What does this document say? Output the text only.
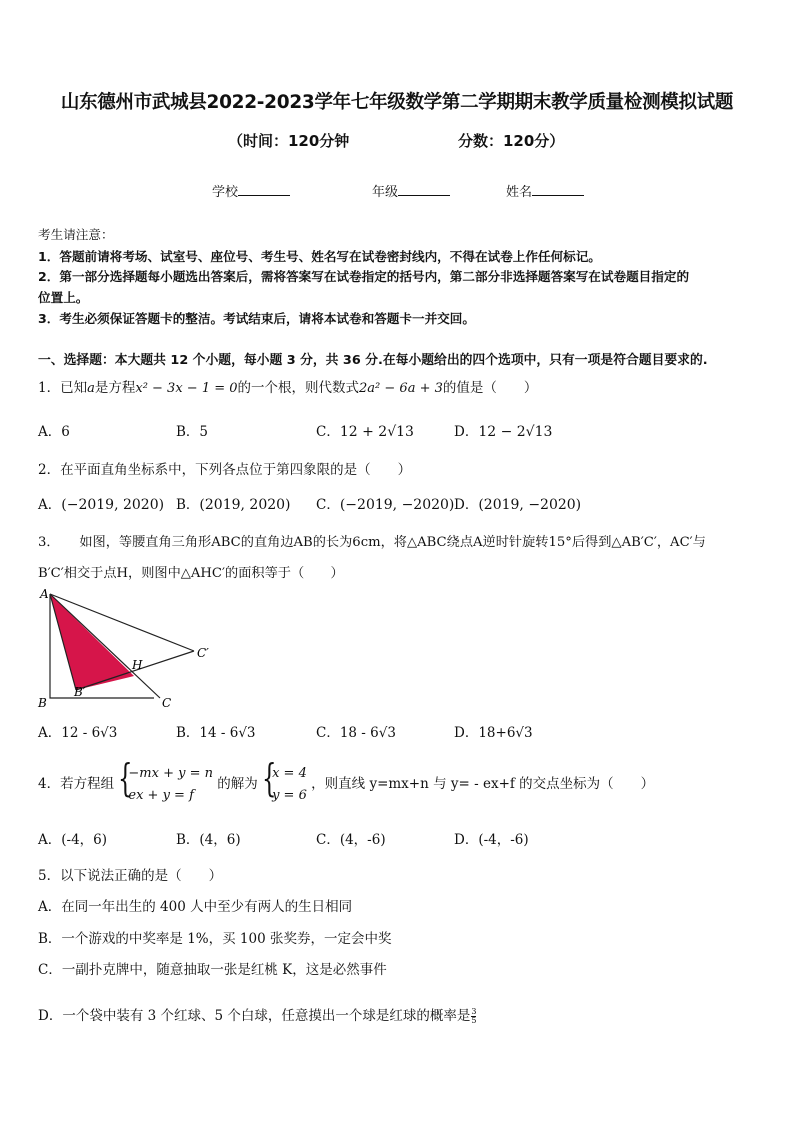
山东德州市武城县2022-2023学年七年级数学第二学期期末教学质量检测模拟试题
（时间：120分钟	分数：120分）
学校	年级	姓名
考生请注意：
1．答题前请将考场、试室号、座位号、考生号、姓名写在试卷密封线内，不得在试卷上作任何标记。
2．第一部分选择题每小题选出答案后，需将答案写在试卷指定的括号内，第二部分非选择题答案写在试卷题目指定的
位置上。
3．考生必须保证答题卡的整洁。考试结束后，请将本试卷和答题卡一并交回。
一、选择题：本大题共 12 个小题，每小题 3 分，共 36 分.在每小题给出的四个选项中，只有一项是符合题目要求的.
1．已知a是方程x² − 3x − 1 = 0的一个根，则代数式2a² − 6a + 3的值是（　　）
A．6	B．5	C．12 + 2√13	D．12 − 2√13
2．在平面直角坐标系中，下列各点位于第四象限的是（　　）
A．(−2019, 2020) B．(2019, 2020) C．(−2019, −2020) D．(2019, −2020)
3．　　如图，等腰直角三角形ABC的直角边AB的长为6cm，将△ABC绕点A逆时针旋转15°后得到△AB′C′，AC′与
B′C′相交于点H，则图中△AHC′的面积等于（　　）
A
B	C
C′
H
B′
A．12 - 6√3	B．14 - 6√3	C．18 - 6√3	D．18+6√3
4．若方程组 {
−mx + y = n
ex + y = f 的解为 {
x = 4
y = 6 ，则直线 y=mx+n 与 y= - ex+f 的交点坐标为（　　）
A．(-4，6)	B．(4，6)	C．(4，-6)	D．(-4，-6)
5．以下说法正确的是（　　）
A．在同一年出生的 400 人中至少有两人的生日相同
B．一个游戏的中奖率是 1%，买 100 张奖券，一定会中奖
C．一副扑克牌中，随意抽取一张是红桃 K，这是必然事件
D．一个袋中装有 3 个红球、5 个白球，任意摸出一个球是红球的概率是$\frac{3}{5}$
